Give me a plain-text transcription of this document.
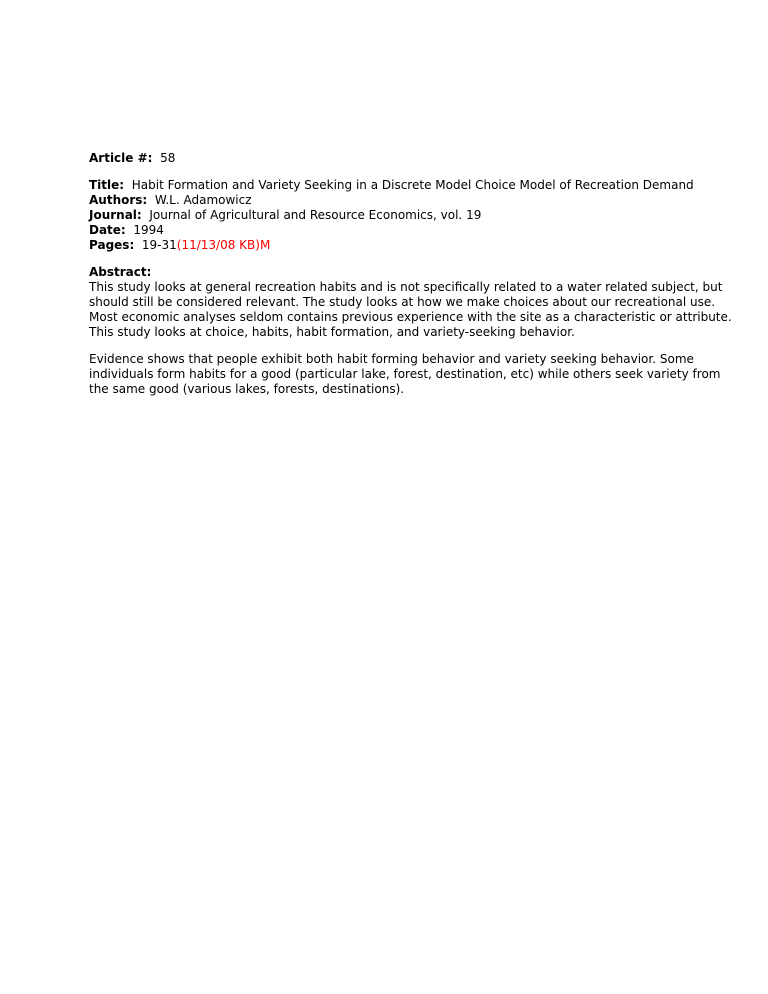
Article #: 58

Title: Habit Formation and Variety Seeking in a Discrete Model Choice Model of Recreation Demand

Authors: W.L. Adamowicz

Journal: Journal of Agricultural and Resource Economics, vol. 19

Date: 1994

Pages: 19-31(11/13/08 KB)M

Abstract:

This study looks at general recreation habits and is not specifically related to a water related subject, but

should still be considered relevant. The study looks at how we make choices about our recreational use.

Most economic analyses seldom contains previous experience with the site as a characteristic or attribute.

This study looks at choice, habits, habit formation, and variety-seeking behavior.

Evidence shows that people exhibit both habit forming behavior and variety seeking behavior. Some

individuals form habits for a good (particular lake, forest, destination, etc) while others seek variety from

the same good (various lakes, forests, destinations).
